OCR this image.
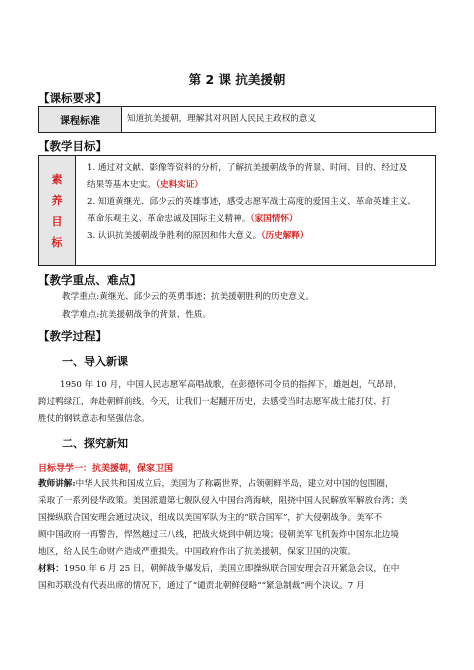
第 2 课 抗美援朝
【课标要求】
课程标准	知道抗美援朝，理解其对巩固人民民主政权的意义
【教学目标】
素
养
目
标
1. 通过对文献、影像等资料的分析，了解抗美援朝战争的背景、时间、目的、经过及
结果等基本史实。（史料实证）
2. 知道黄继光、邱少云的英雄事迹，感受志愿军战士高度的爱国主义、革命英雄主义、
革命乐观主义、革命忠诚及国际主义精神。（家国情怀）
3. 认识抗美援朝战争胜利的原因和伟大意义。（历史解释）
【教学重点、难点】
教学重点:黄继光、邱少云的英勇事迹；抗美援朝胜利的历史意义。
教学难点:抗美援朝战争的背景、性质。
【教学过程】
一、导入新课
1950 年 10 月，中国人民志愿军高唱战歌，在彭德怀司令员的指挥下，雄赳赳，气昂昂，
跨过鸭绿江，奔赴朝鲜前线。今天，让我们一起翻开历史，去感受当时志愿军战士能打仗、打
胜仗的钢铁意志和坚强信念。
二、探究新知
目标导学一：抗美援朝，保家卫国
教师讲解:中华人民共和国成立后，美国为了称霸世界，占领朝鲜半岛，建立对中国的包围圈，
采取了一系列侵华政策。美国派遣第七舰队侵入中国台湾海峡，阻挠中国人民解放军解放台湾；美
国操纵联合国安理会通过决议，组成以美国军队为主的“联合国军”，扩大侵朝战争。美军不
顾中国政府一再警告，悍然越过三八线，把战火烧到中朝边境；侵朝美军飞机轰炸中国东北边境
地区，给人民生命财产造成严重损失。中国政府作出了抗美援朝，保家卫国的决策。
材料：1950 年 6 月 25 日，朝鲜战争爆发后，美国立即操纵联合国安理会召开紧急会议，在中
国和苏联没有代表出席的情况下，通过了“谴责北朝鲜侵略”“紧急制裁”两个决议。7 月
